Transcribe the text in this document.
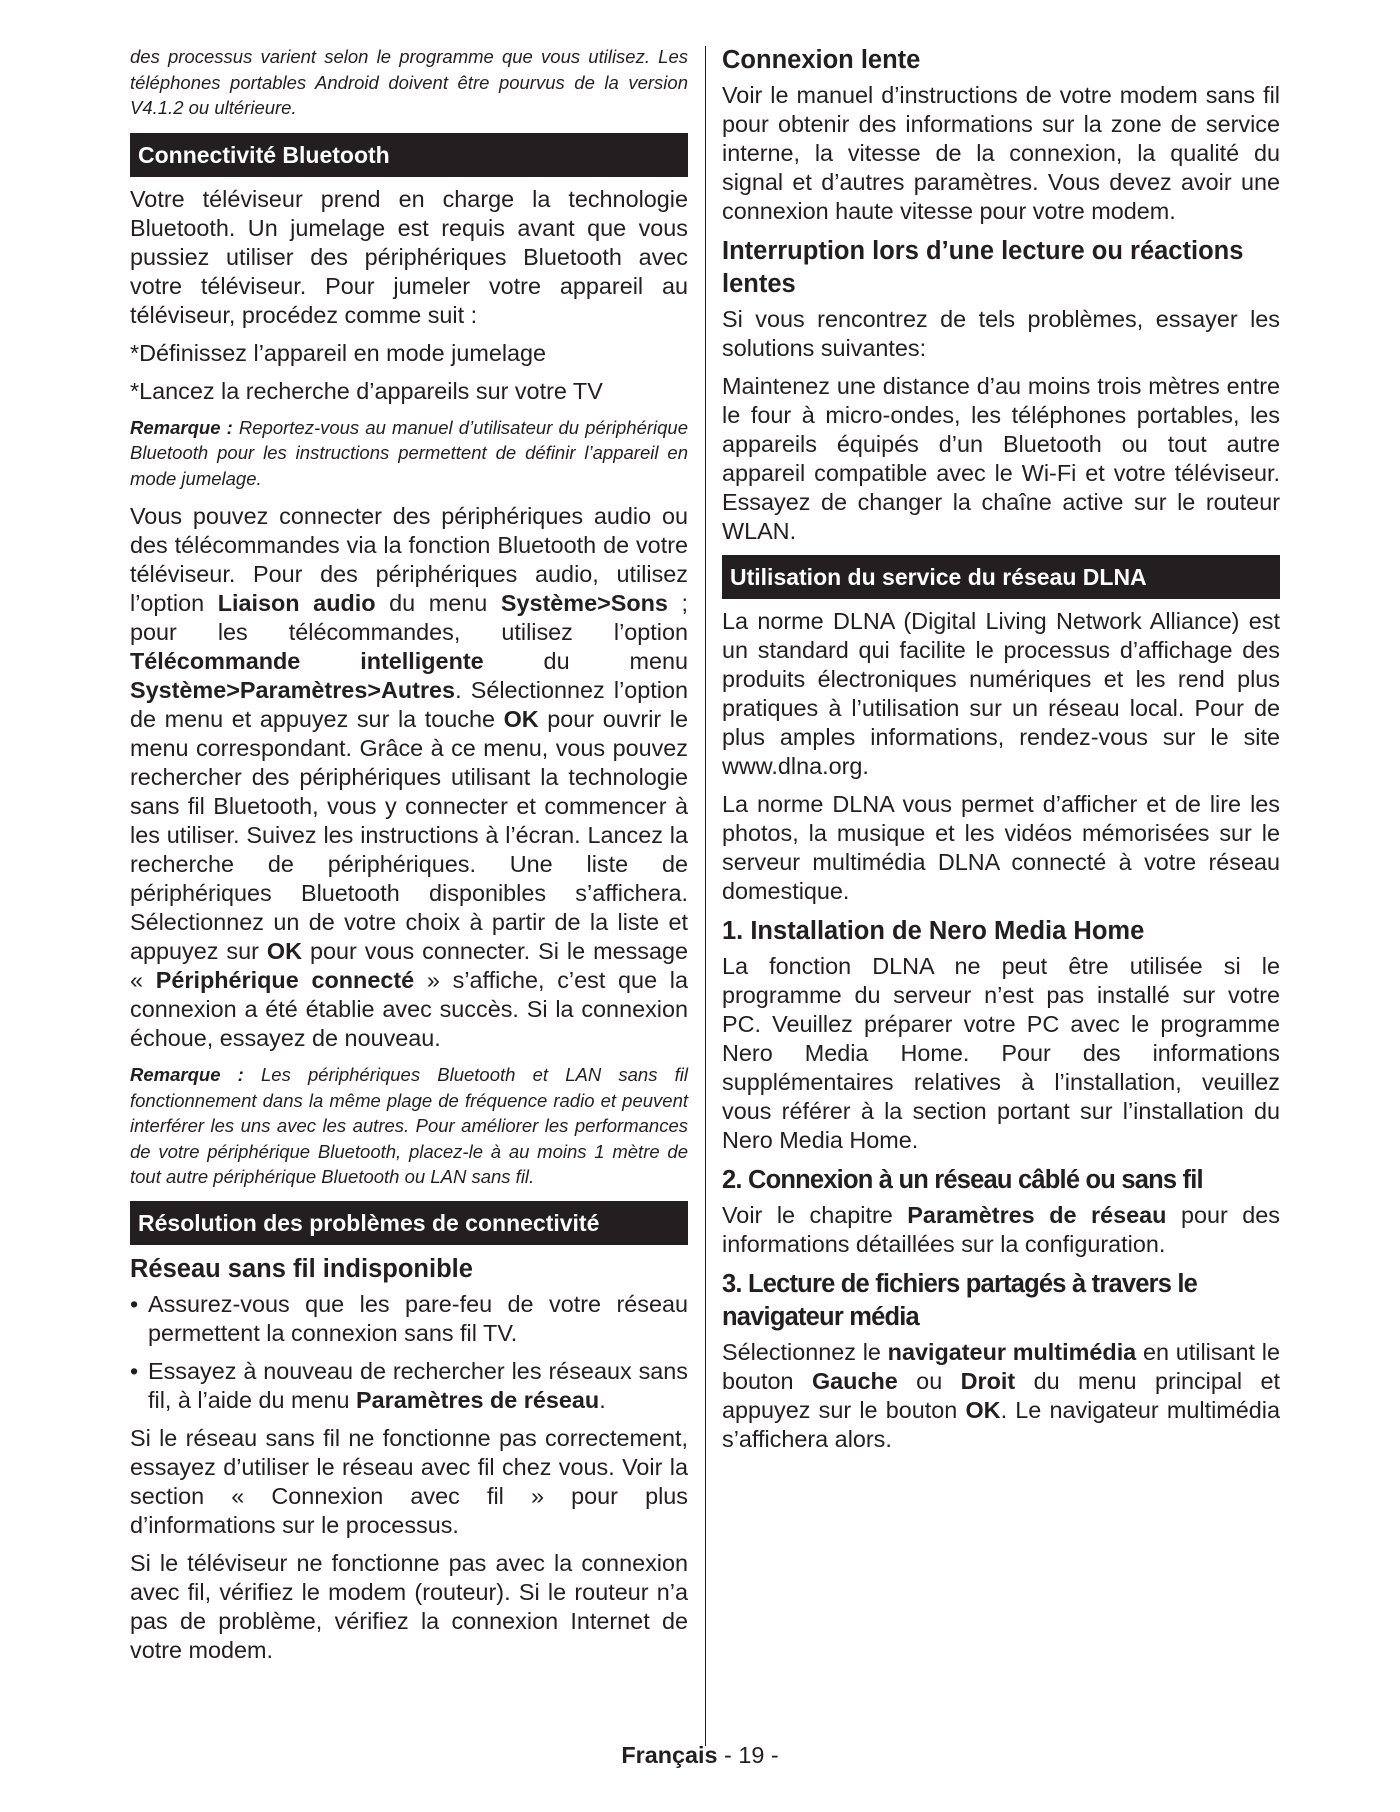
des processus varient selon le programme que vous utilisez. Les téléphones portables Android doivent être pourvus de la version V4.1.2 ou ultérieure.

Connectivité Bluetooth

Votre téléviseur prend en charge la technologie Bluetooth. Un jumelage est requis avant que vous pussiez utiliser des périphériques Bluetooth avec votre téléviseur. Pour jumeler votre appareil au téléviseur, procédez comme suit :

*Définissez l’appareil en mode jumelage

*Lancez la recherche d’appareils sur votre TV

Remarque : Reportez-vous au manuel d’utilisateur du périphérique Bluetooth pour les instructions permettent de définir l’appareil en mode jumelage.

Vous pouvez connecter des périphériques audio ou des télécommandes via la fonction Bluetooth de votre téléviseur. Pour des périphériques audio, utilisez l’option Liaison audio du menu Système>Sons ; pour les télécommandes, utilisez l’option Télécommande intelligente du menu Système>Paramètres>Autres. Sélectionnez l’option de menu et appuyez sur la touche OK pour ouvrir le menu correspondant. Grâce à ce menu, vous pouvez rechercher des périphériques utilisant la technologie sans fil Bluetooth, vous y connecter et commencer à les utiliser. Suivez les instructions à l’écran. Lancez la recherche de périphériques. Une liste de périphériques Bluetooth disponibles s’affichera. Sélectionnez un de votre choix à partir de la liste et appuyez sur OK pour vous connecter. Si le message « Périphérique connecté » s’affiche, c’est que la connexion a été établie avec succès. Si la connexion échoue, essayez de nouveau.

Remarque : Les périphériques Bluetooth et LAN sans fil fonctionnement dans la même plage de fréquence radio et peuvent interférer les uns avec les autres. Pour améliorer les performances de votre périphérique Bluetooth, placez-le à au moins 1 mètre de tout autre périphérique Bluetooth ou LAN sans fil.

Résolution des problèmes de connectivité
Réseau sans fil indisponible
• Assurez-vous que les pare-feu de votre réseau permettent la connexion sans fil TV.
• Essayez à nouveau de rechercher les réseaux sans fil, à l’aide du menu Paramètres de réseau.

Si le réseau sans fil ne fonctionne pas correctement, essayez d’utiliser le réseau avec fil chez vous. Voir la section « Connexion avec fil » pour plus d’informations sur le processus.

Si le téléviseur ne fonctionne pas avec la connexion avec fil, vérifiez le modem (routeur). Si le routeur n’a pas de problème, vérifiez la connexion Internet de votre modem.

Connexion lente

Voir le manuel d’instructions de votre modem sans fil pour obtenir des informations sur la zone de service interne, la vitesse de la connexion, la qualité du signal et d’autres paramètres. Vous devez avoir une connexion haute vitesse pour votre modem.

Interruption lors d’une lecture ou réactions lentes

Si vous rencontrez de tels problèmes, essayer les solutions suivantes:

Maintenez une distance d’au moins trois mètres entre le four à micro-ondes, les téléphones portables, les appareils équipés d’un Bluetooth ou tout autre appareil compatible avec le Wi-Fi et votre téléviseur. Essayez de changer la chaîne active sur le routeur WLAN.

Utilisation du service du réseau DLNA

La norme DLNA (Digital Living Network Alliance) est un standard qui facilite le processus d’affichage des produits électroniques numériques et les rend plus pratiques à l’utilisation sur un réseau local. Pour de plus amples informations, rendez-vous sur le site www.dlna.org.

La norme DLNA vous permet d’afficher et de lire les photos, la musique et les vidéos mémorisées sur le serveur multimédia DLNA connecté à votre réseau domestique.

1. Installation de Nero Media Home

La fonction DLNA ne peut être utilisée si le programme du serveur n’est pas installé sur votre PC. Veuillez préparer votre PC avec le programme Nero Media Home. Pour des informations supplémentaires relatives à l’installation, veuillez vous référer à la section portant sur l’installation du Nero Media Home.

2. Connexion à un réseau câblé ou sans fil

Voir le chapitre Paramètres de réseau pour des informations détaillées sur la configuration.

3. Lecture de fichiers partagés à travers le navigateur média

Sélectionnez le navigateur multimédia en utilisant le bouton Gauche ou Droit du menu principal et appuyez sur le bouton OK. Le navigateur multimédia s’affichera alors.

Français - 19 -
